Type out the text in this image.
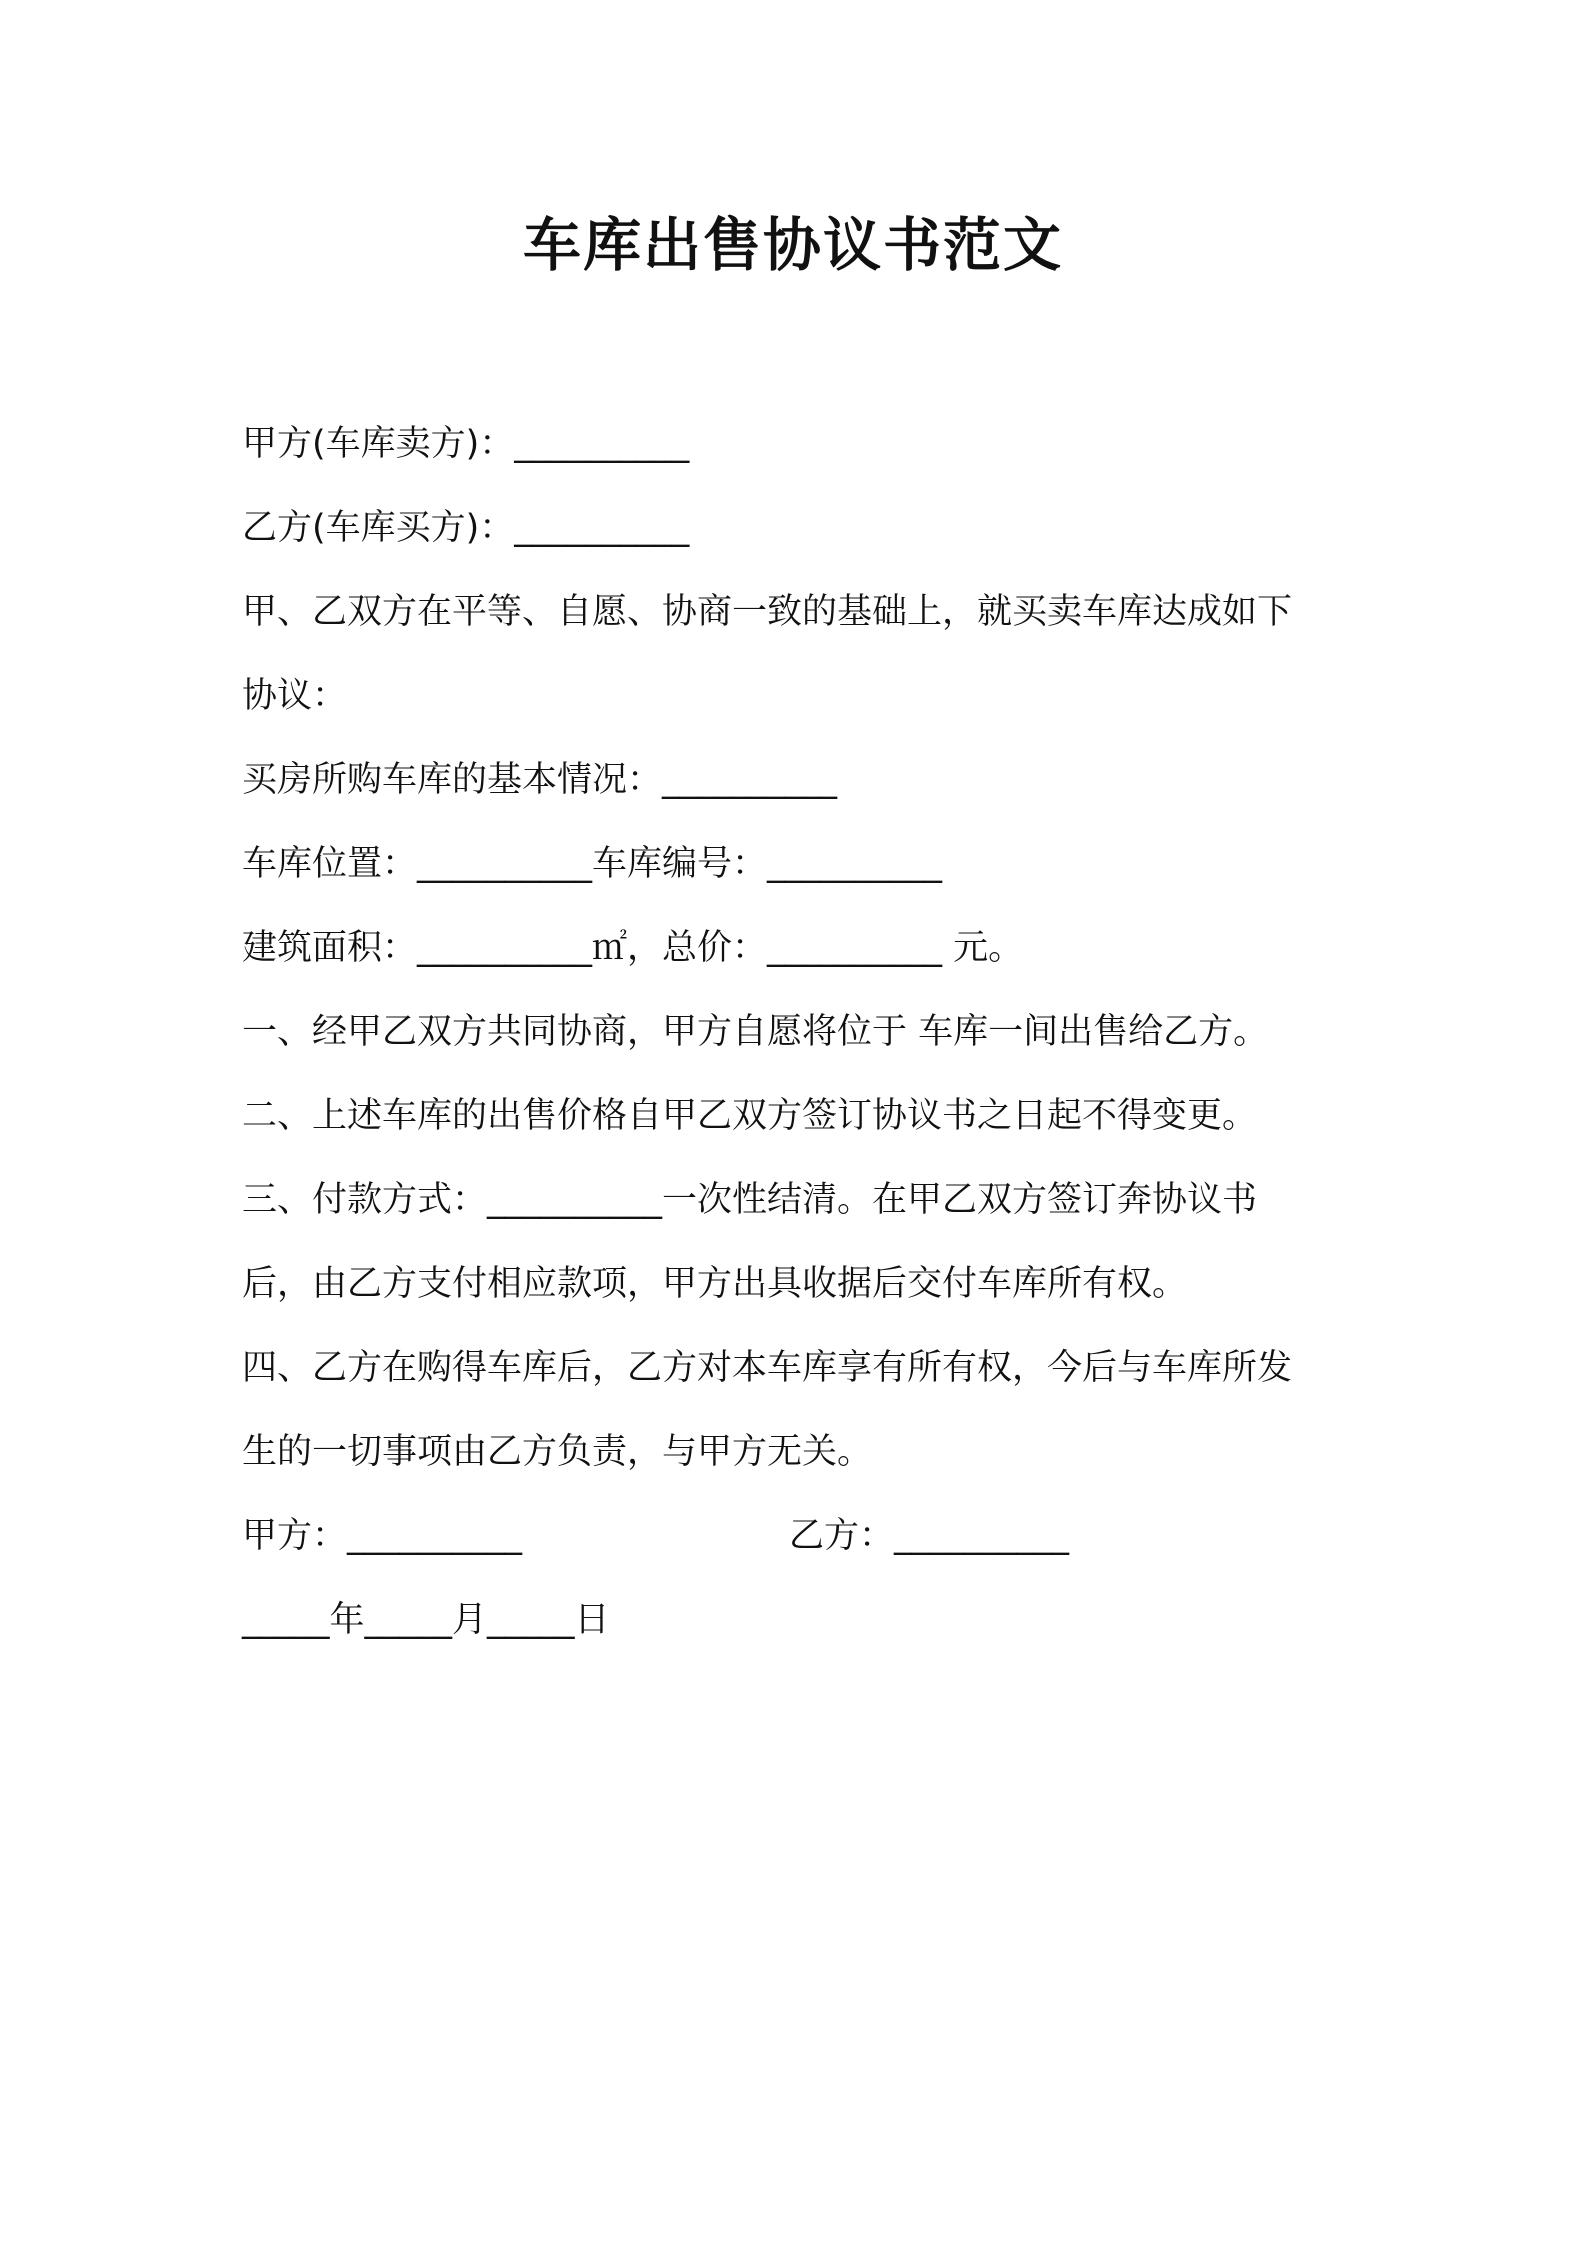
车库出售协议书范文

甲方(车库卖方)：__________

乙方(车库买方)：__________

甲、乙双方在平等、自愿、协商一致的基础上，就买卖车库达成如下

协议：

买房所购车库的基本情况：__________

车库位置：__________车库编号：__________

建筑面积：__________㎡，总价：__________ 元。

一、经甲乙双方共同协商，甲方自愿将位于 车库一间出售给乙方。

二、上述车库的出售价格自甲乙双方签订协议书之日起不得变更。

三、付款方式：__________一次性结清。在甲乙双方签订奔协议书

后，由乙方支付相应款项，甲方出具收据后交付车库所有权。

四、乙方在购得车库后，乙方对本车库享有所有权，今后与车库所发

生的一切事项由乙方负责，与甲方无关。

甲方：__________	乙方：__________

_____年_____月_____日
